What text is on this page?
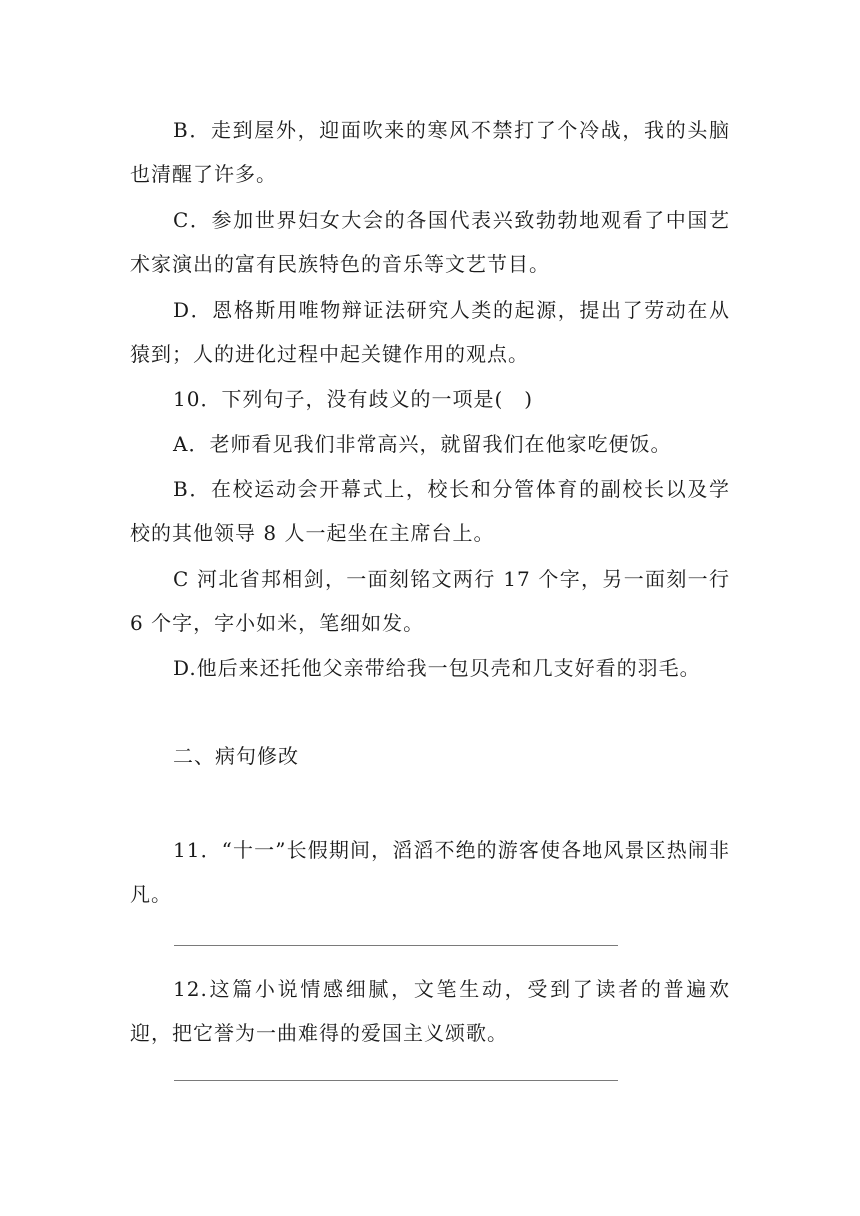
B．走到屋外，迎面吹来的寒风不禁打了个冷战，我的头脑也清醒了许多。

C．参加世界妇女大会的各国代表兴致勃勃地观看了中国艺术家演出的富有民族特色的音乐等文艺节目。

D．恩格斯用唯物辩证法研究人类的起源，提出了劳动在从猿到；人的进化过程中起关键作用的观点。

10．下列句子，没有歧义的一项是(　)

A．老师看见我们非常高兴，就留我们在他家吃便饭。

B．在校运动会开幕式上，校长和分管体育的副校长以及学校的其他领导 8 人一起坐在主席台上。

C 河北省邦相剑，一面刻铭文两行 17 个字，另一面刻一行 6 个字，字小如米，笔细如发。

D.他后来还托他父亲带给我一包贝壳和几支好看的羽毛。

二、病句修改

11．“十一”长假期间，滔滔不绝的游客使各地风景区热闹非凡。

12.这篇小说情感细腻，文笔生动，受到了读者的普遍欢迎，把它誉为一曲难得的爱国主义颂歌。
